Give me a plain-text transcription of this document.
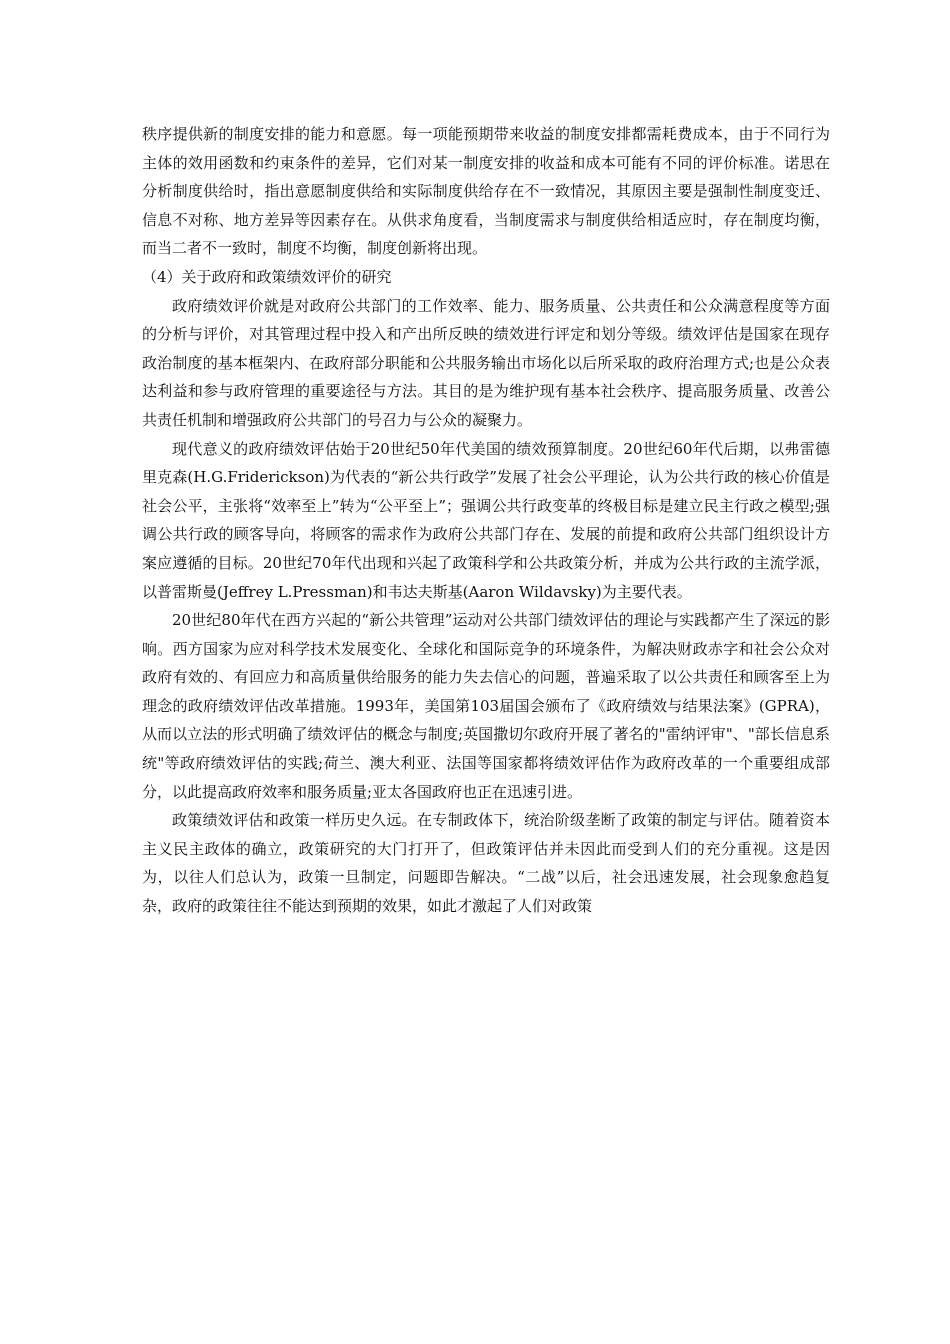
秩序提供新的制度安排的能力和意愿。每一项能预期带来收益的制度安排都需耗费成本，由于不同行为主体的效用函数和约束条件的差异，它们对某一制度安排的收益和成本可能有不同的评价标准。诺思在分析制度供给时，指出意愿制度供给和实际制度供给存在不一致情况，其原因主要是强制性制度变迁、信息不对称、地方差异等因素存在。从供求角度看，当制度需求与制度供给相适应时，存在制度均衡，而当二者不一致时，制度不均衡，制度创新将出现。

（4）关于政府和政策绩效评价的研究

政府绩效评价就是对政府公共部门的工作效率、能力、服务质量、公共责任和公众满意程度等方面的分析与评价，对其管理过程中投入和产出所反映的绩效进行评定和划分等级。绩效评估是国家在现存政治制度的基本框架内、在政府部分职能和公共服务输出市场化以后所采取的政府治理方式;也是公众表达利益和参与政府管理的重要途径与方法。其目的是为维护现有基本社会秩序、提高服务质量、改善公共责任机制和增强政府公共部门的号召力与公众的凝聚力。

现代意义的政府绩效评估始于20世纪50年代美国的绩效预算制度。20世纪60年代后期，以弗雷德里克森(H.G.Friderickson)为代表的“新公共行政学”发展了社会公平理论，认为公共行政的核心价值是社会公平，主张将“效率至上”转为“公平至上”；强调公共行政变革的终极目标是建立民主行政之模型;强调公共行政的顾客导向，将顾客的需求作为政府公共部门存在、发展的前提和政府公共部门组织设计方案应遵循的目标。20世纪70年代出现和兴起了政策科学和公共政策分析，并成为公共行政的主流学派，以普雷斯曼(Jeffrey L.Pressman)和韦达夫斯基(Aaron Wildavsky)为主要代表。

20世纪80年代在西方兴起的“新公共管理”运动对公共部门绩效评估的理论与实践都产生了深远的影响。西方国家为应对科学技术发展变化、全球化和国际竞争的环境条件，为解决财政赤字和社会公众对政府有效的、有回应力和高质量供给服务的能力失去信心的问题，普遍采取了以公共责任和顾客至上为理念的政府绩效评估改革措施。1993年，美国第103届国会颁布了《政府绩效与结果法案》(GPRA)，从而以立法的形式明确了绩效评估的概念与制度;英国撒切尔政府开展了著名的"雷纳评审"、"部长信息系统"等政府绩效评估的实践;荷兰、澳大利亚、法国等国家都将绩效评估作为政府改革的一个重要组成部分，以此提高政府效率和服务质量;亚太各国政府也正在迅速引进。

政策绩效评估和政策一样历史久远。在专制政体下，统治阶级垄断了政策的制定与评估。随着资本主义民主政体的确立，政策研究的大门打开了，但政策评估并未因此而受到人们的充分重视。这是因为，以往人们总认为，政策一旦制定，问题即告解决。“二战”以后，社会迅速发展，社会现象愈趋复杂，政府的政策往往不能达到预期的效果，如此才激起了人们对政策
